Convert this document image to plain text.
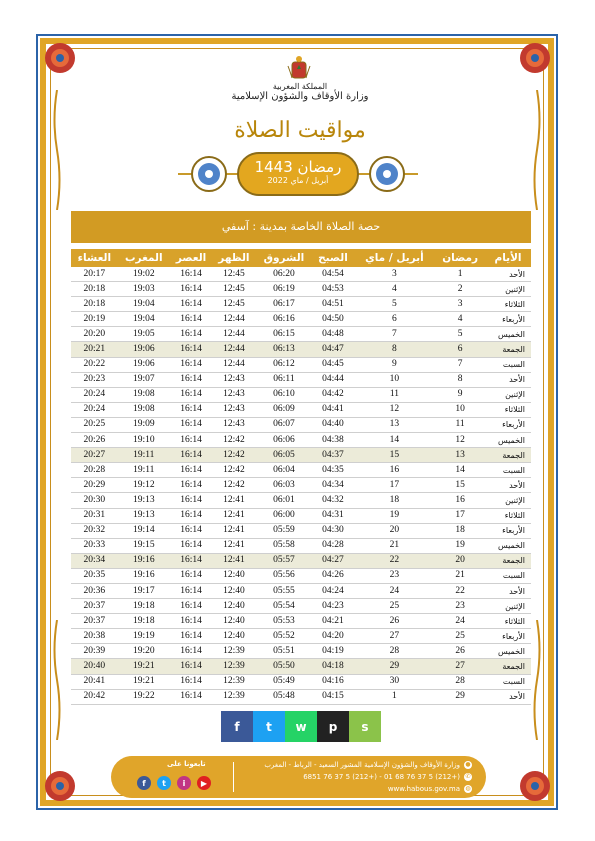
المملكة المغربية
وزارة الأوقاف والشؤون الإسلامية
مواقيت الصلاة
رمضان 1443
أبريل / ماي 2022
حصة الصلاة الخاصة بمدينة : آسفي
الأيام	رمضان	أبريل / ماي	الصبح	الشروق	الظهر	العصر	المغرب	العشاء
الأحد	1	3	04:54	06:20	12:45	16:14	19:02	20:17
الإثنين	2	4	04:53	06:19	12:45	16:14	19:03	20:18
الثلاثاء	3	5	04:51	06:17	12:45	16:14	19:04	20:18
الأربعاء	4	6	04:50	06:16	12:44	16:14	19:04	20:19
الخميس	5	7	04:48	06:15	12:44	16:14	19:05	20:20
الجمعة	6	8	04:47	06:13	12:44	16:14	19:06	20:21
السبت	7	9	04:45	06:12	12:44	16:14	19:06	20:22
الأحد	8	10	04:44	06:11	12:43	16:14	19:07	20:23
الإثنين	9	11	04:42	06:10	12:43	16:14	19:08	20:24
الثلاثاء	10	12	04:41	06:09	12:43	16:14	19:08	20:24
الأربعاء	11	13	04:40	06:07	12:43	16:14	19:09	20:25
الخميس	12	14	04:38	06:06	12:42	16:14	19:10	20:26
الجمعة	13	15	04:37	06:05	12:42	16:14	19:11	20:27
السبت	14	16	04:35	06:04	12:42	16:14	19:11	20:28
الأحد	15	17	04:34	06:03	12:42	16:14	19:12	20:29
الإثنين	16	18	04:32	06:01	12:41	16:14	19:13	20:30
الثلاثاء	17	19	04:31	06:00	12:41	16:14	19:13	20:31
الأربعاء	18	20	04:30	05:59	12:41	16:14	19:14	20:32
الخميس	19	21	04:28	05:58	12:41	16:14	19:15	20:33
الجمعة	20	22	04:27	05:57	12:41	16:14	19:16	20:34
السبت	21	23	04:26	05:56	12:40	16:14	19:16	20:35
الأحد	22	24	04:24	05:55	12:40	16:14	19:17	20:36
الإثنين	23	25	04:23	05:54	12:40	16:14	19:18	20:37
الثلاثاء	24	26	04:21	05:53	12:40	16:14	19:18	20:37
الأربعاء	25	27	04:20	05:52	12:40	16:14	19:19	20:38
الخميس	26	28	04:19	05:51	12:39	16:14	19:20	20:39
الجمعة	27	29	04:18	05:50	12:39	16:14	19:21	20:40
السبت	28	30	04:16	05:49	12:39	16:14	19:21	20:41
الأحد	29	1	04:15	05:48	12:39	16:14	19:22	20:42
f t w p s
تابعونا على
f	t	i	▶
●وزارة الأوقاف والشؤون الإسلامية المشور السعيد - الرباط - المغرب
✆(+212) 5 37 76 68 01 - (+212) 5 37 76 6851
◍www.habous.gov.ma
